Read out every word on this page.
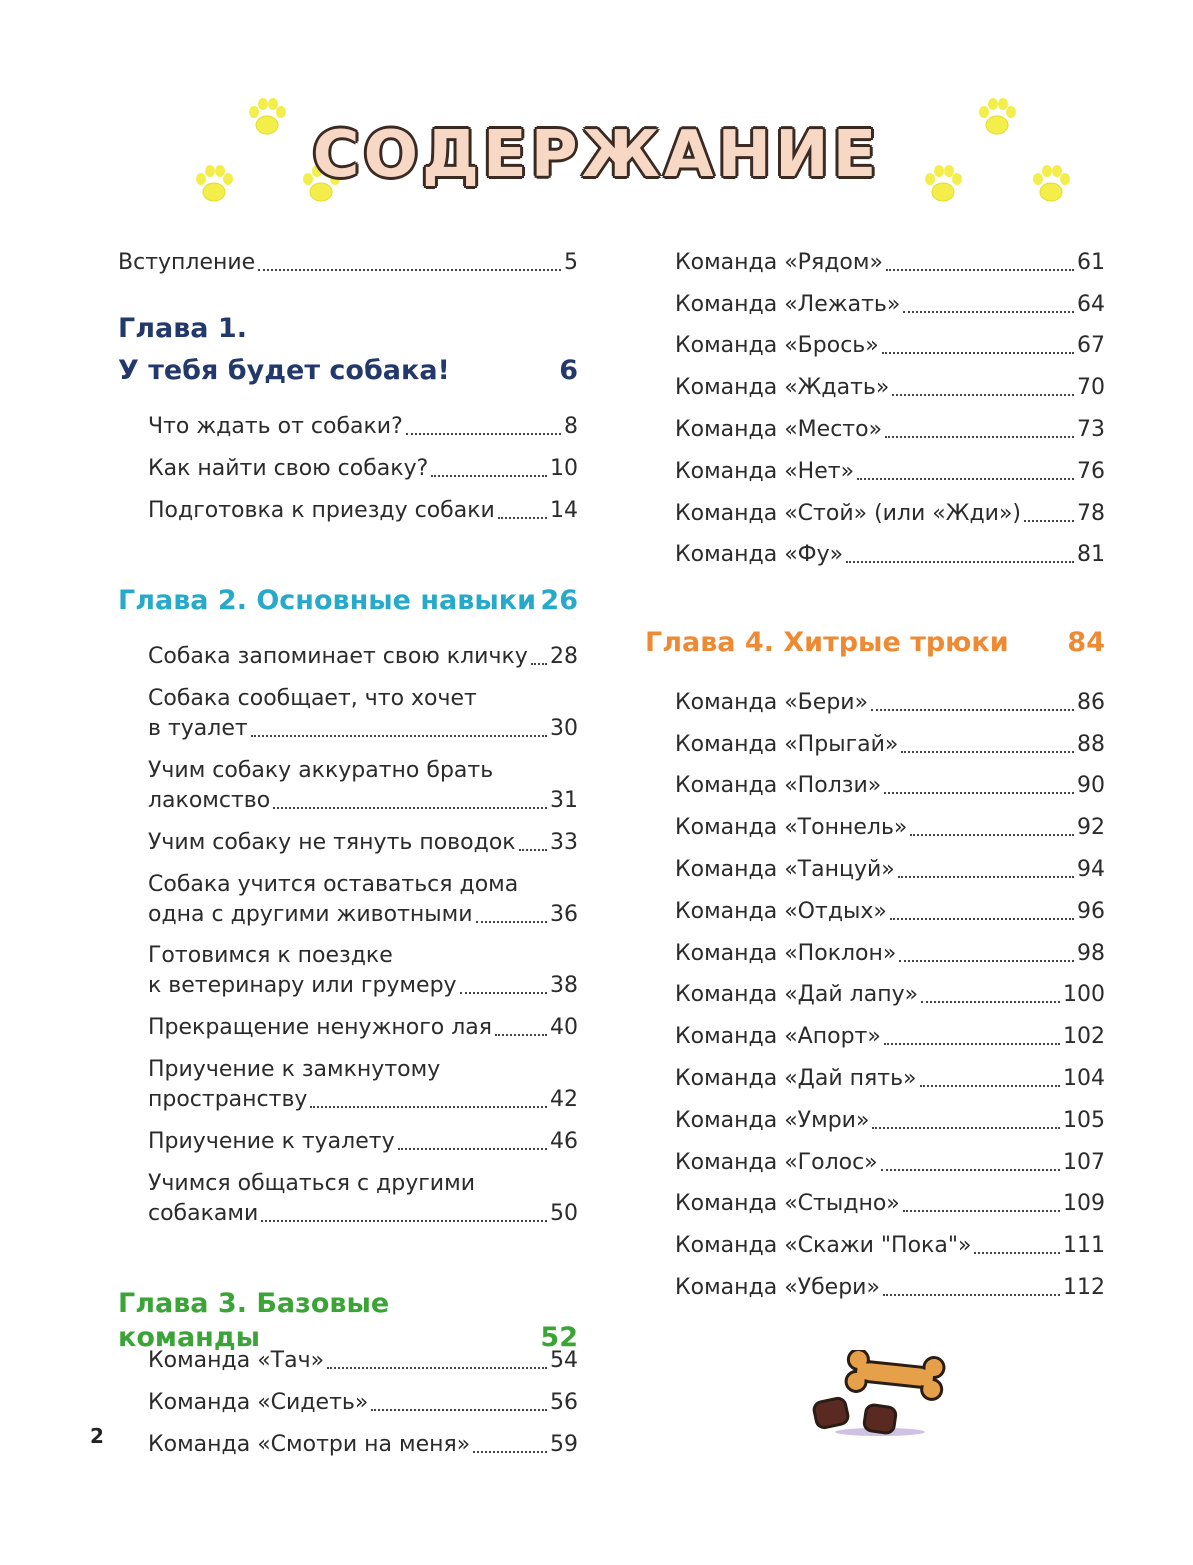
СОДЕРЖАНИЕ
Вступление	5
Глава 1.
У тебя будет собака!	6
Что ждать от собаки?	8
Как найти свою собаку?	10
Подготовка к приезду собаки	14
Глава 2. Основные навыки 26
Собака запоминает свою кличку 28
Собака сообщает, что хочет
в туалет	30
Учим собаку аккуратно брать
лакомство	31
Учим собаку не тянуть поводок 33
Собака учится оставаться дома
одна с другими животными	36
Готовимся к поездке
к ветеринару или грумеру	38
Прекращение ненужного лая	40
Приучение к замкнутому
пространству	42
Приучение к туалету	46
Учимся общаться с другими
собаками	50
Глава 3. Базовые команды	52
Команда «Тач»	54
Команда «Сидеть»	56
Команда «Смотри на меня»	59
Команда «Рядом»	61
Команда «Лежать»	64
Команда «Брось»	67
Команда «Ждать»	70
Команда «Место»	73
Команда «Нет»	76
Команда «Стой» (или «Жди»)	78
Команда «Фу»	81
Глава 4. Хитрые трюки 84
Команда «Бери»	86
Команда «Прыгай»	88
Команда «Ползи»	90
Команда «Тоннель»	92
Команда «Танцуй»	94
Команда «Отдых»	96
Команда «Поклон»	98
Команда «Дай лапу»	100
Команда «Апорт»	102
Команда «Дай пять»	104
Команда «Умри»	105
Команда «Голос»	107
Команда «Стыдно»	109
Команда «Скажи "Пока"»	111
Команда «Убери»	112
2
